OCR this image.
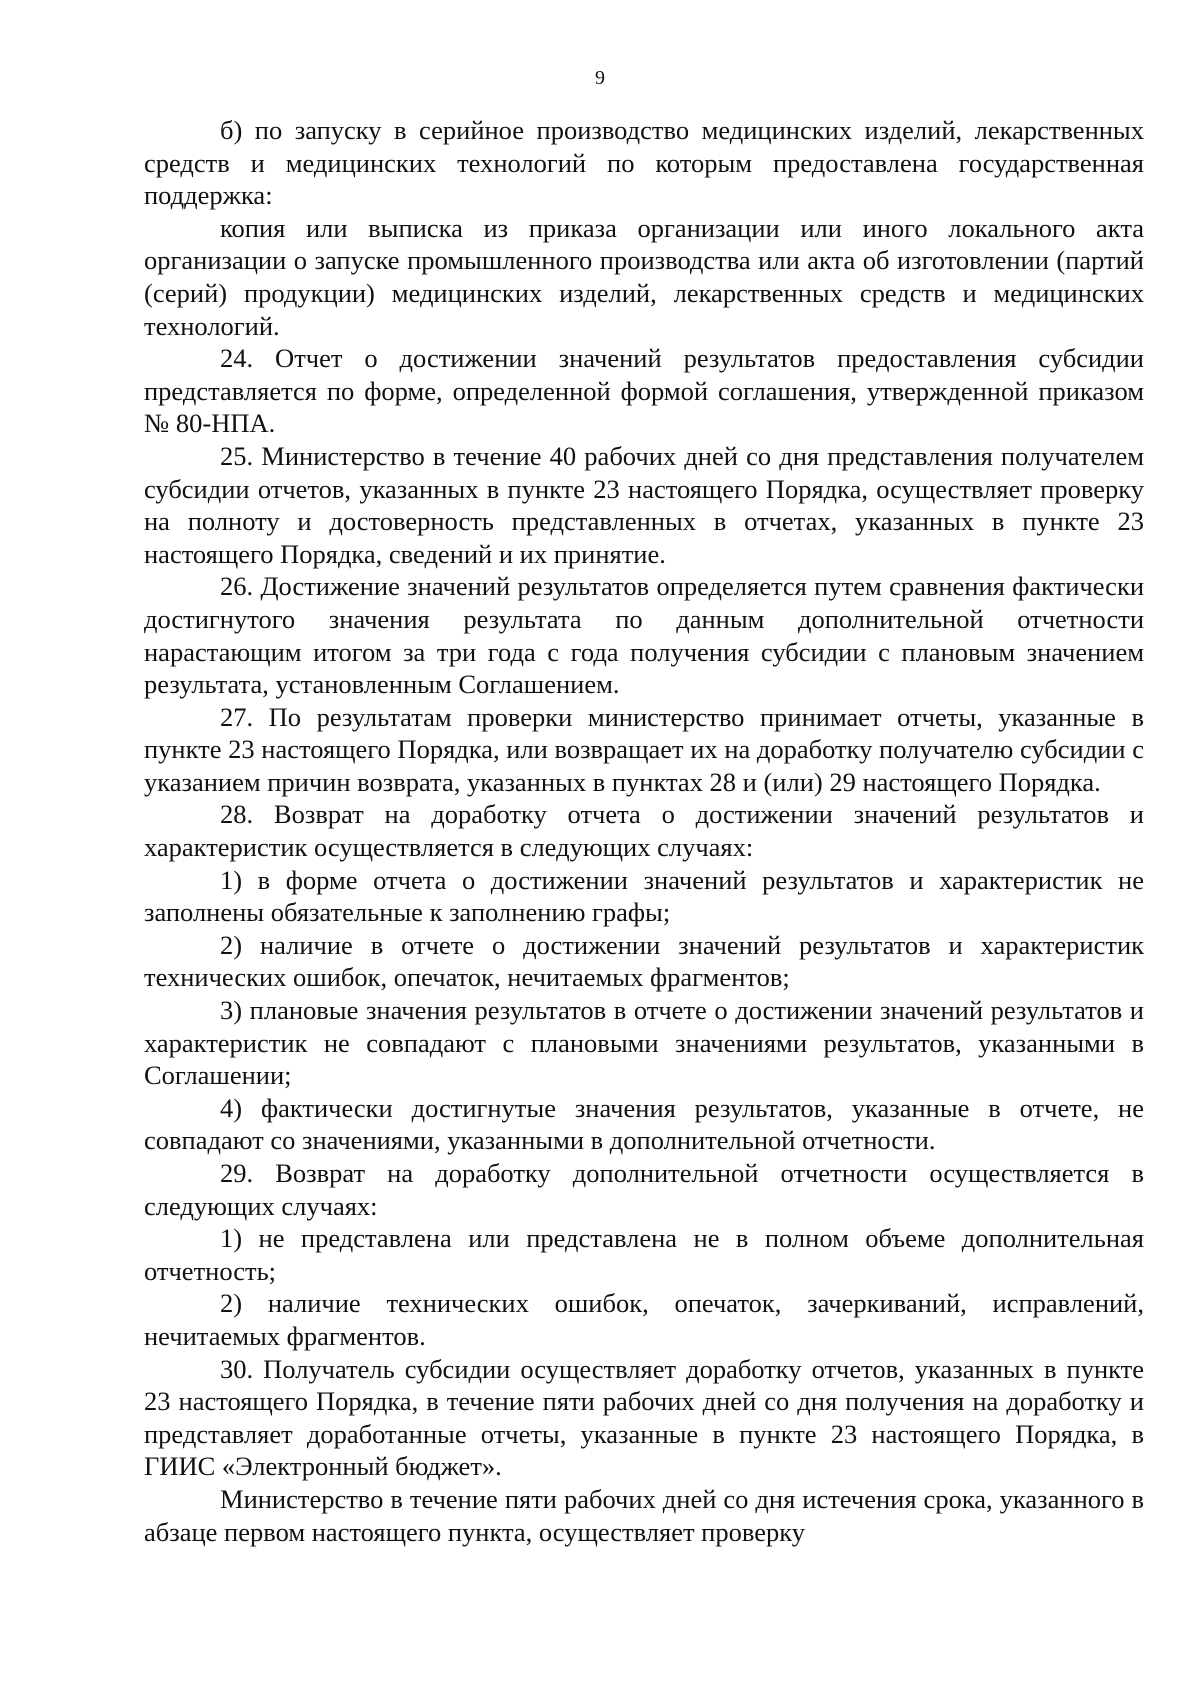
9

б) по запуску в серийное производство медицинских изделий, лекарственных средств и медицинских технологий по которым предоставлена государственная поддержка:

копия или выписка из приказа организации или иного локального акта организации о запуске промышленного производства или акта об изготовлении (партий (серий) продукции) медицинских изделий, лекарственных средств и медицинских технологий.

24. Отчет о достижении значений результатов предоставления субсидии представляется по форме, определенной формой соглашения, утвержденной приказом № 80-НПА.

25. Министерство в течение 40 рабочих дней со дня представления получателем субсидии отчетов, указанных в пункте 23 настоящего Порядка, осуществляет проверку на полноту и достоверность представленных в отчетах, указанных в пункте 23 настоящего Порядка, сведений и их принятие.

26. Достижение значений результатов определяется путем сравнения фактически достигнутого значения результата по данным дополнительной отчетности нарастающим итогом за три года с года получения субсидии с плановым значением результата, установленным Соглашением.

27. По результатам проверки министерство принимает отчеты, указанные в пункте 23 настоящего Порядка, или возвращает их на доработку получателю субсидии с указанием причин возврата, указанных в пунктах 28 и (или) 29 настоящего Порядка.

28. Возврат на доработку отчета о достижении значений результатов и характеристик осуществляется в следующих случаях:

1) в форме отчета о достижении значений результатов и характеристик не заполнены обязательные к заполнению графы;

2) наличие в отчете о достижении значений результатов и характеристик технических ошибок, опечаток, нечитаемых фрагментов;

3) плановые значения результатов в отчете о достижении значений результатов и характеристик не совпадают с плановыми значениями результатов, указанными в Соглашении;

4) фактически достигнутые значения результатов, указанные в отчете, не совпадают со значениями, указанными в дополнительной отчетности.

29. Возврат на доработку дополнительной отчетности осуществляется в следующих случаях:

1) не представлена или представлена не в полном объеме дополнительная отчетность;

2) наличие технических ошибок, опечаток, зачеркиваний, исправлений, нечитаемых фрагментов.

30. Получатель субсидии осуществляет доработку отчетов, указанных в пункте 23 настоящего Порядка, в течение пяти рабочих дней со дня получения на доработку и представляет доработанные отчеты, указанные в пункте 23 настоящего Порядка, в ГИИС «Электронный бюджет».

Министерство в течение пяти рабочих дней со дня истечения срока, указанного в абзаце первом настоящего пункта, осуществляет проверку
